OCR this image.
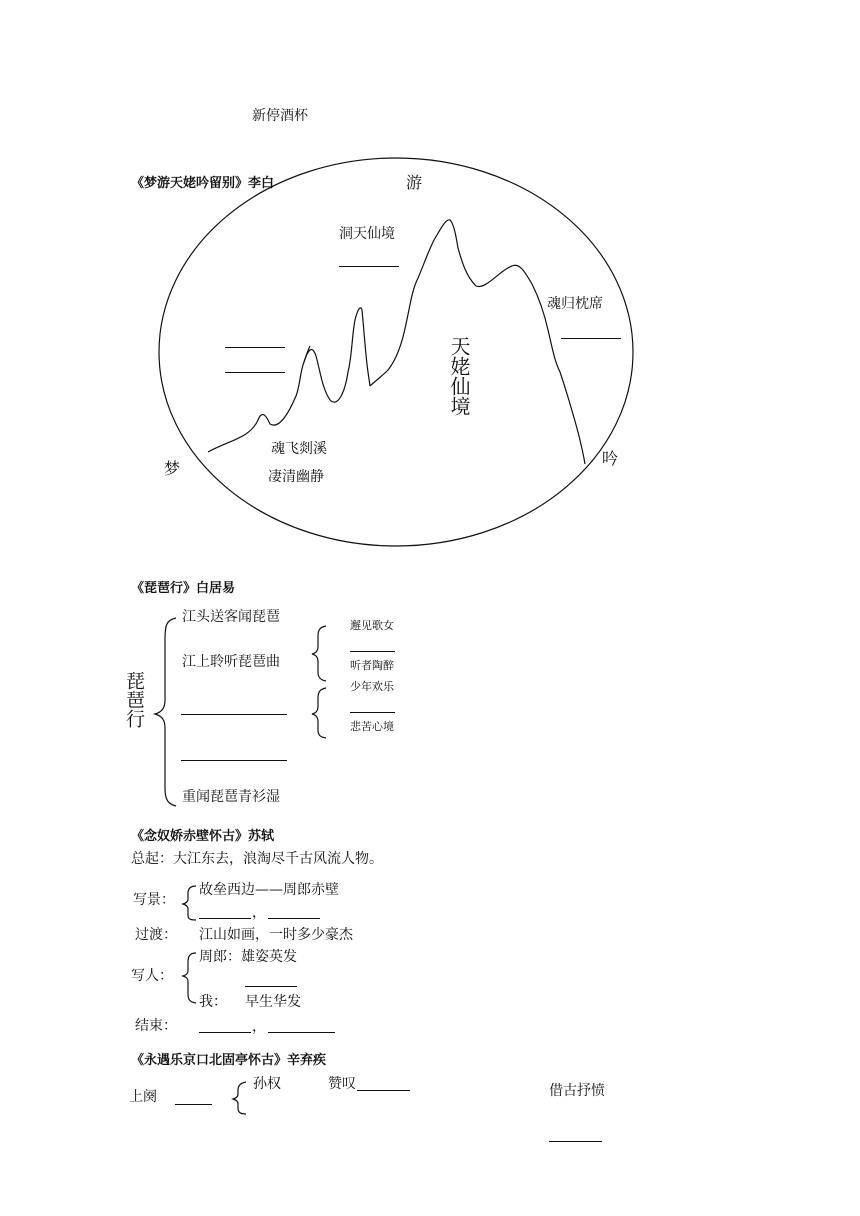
新停酒杯
《梦游天姥吟留别》李白	游
梦
吟
天姥仙境
洞天仙境
魂归枕席
魂飞剡溪
凄清幽静
《琵琶行》白居易
琵琶行
江头送客闻琵琶
江上聆听琵琶曲
重闻琵琶青衫湿
邂见歌女
听者陶醉
少年欢乐
悲苦心境
《念奴娇赤壁怀古》苏轼
总起：大江东去，浪淘尽千古风流人物。
写景：
故垒西边——周郎赤壁
，
过渡： 江山如画，一时多少豪杰
写人：
周郎：雄姿英发
我： 早生华发
结束：	，
《永遇乐京口北固亭怀古》辛弃疾
上阕
孙权	赞叹	借古抒愤
